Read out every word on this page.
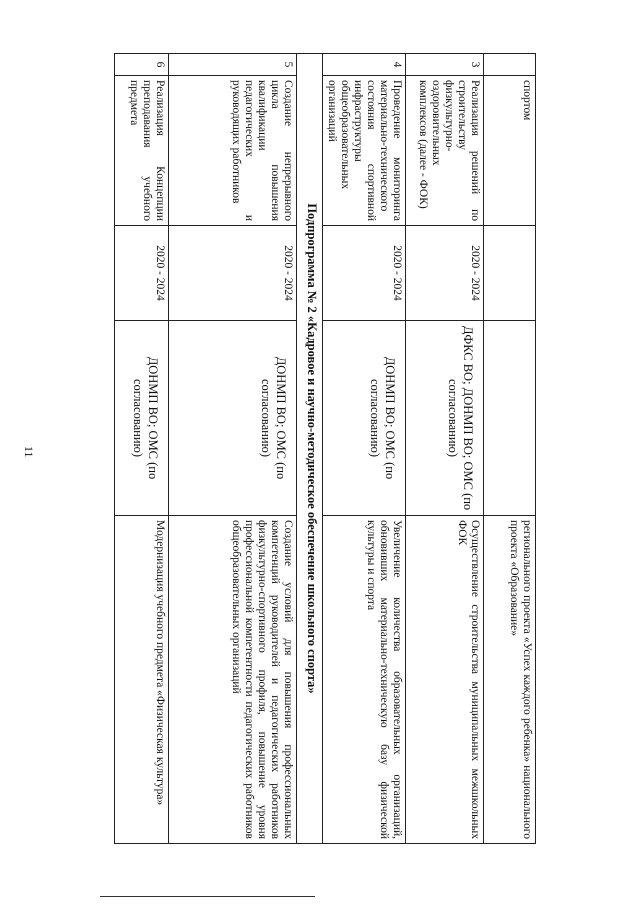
11
	спортом			регионального проекта «Успех каждого ребенка» национального проекта «Образование»
3	Реализация решений по строительству физкультурно-оздоровительных комплексов (далее - ФОК)	2020 - 2024	ДФКС ВО; ДОНМП ВО; ОМС (по согласованию)	Осуществление строительства муниципальных межшкольных ФОК
4	Проведение мониторинга материально-технического состояния спортивной инфраструктуры общеобразовательных организаций	2020 - 2024	ДОНМП ВО; ОМС (по согласованию)	Увеличение количества образовательных организаций, обновивших материально-техническую базу физической культуры и спорта
Подпрограмма № 2 «Кадровое и научно-методическое обеспечение школьного спорта»				
5	Создание непрерывного цикла повышения квалификации педагогических и руководящих работников	2020 - 2024	ДОНМП ВО; ОМС (по согласованию)	Создание условий для повышения профессиональных компетенций руководителей и педагогических работников физкультурно-спортивного профиля, повышение уровня профессиональной компетентности педагогических работников общеобразовательных организаций
6	Реализация Концепции преподавания учебного предмета	2020 - 2024	ДОНМП ВО; ОМС (по согласованию)	Модернизация учебного предмета «Физическая культура»
